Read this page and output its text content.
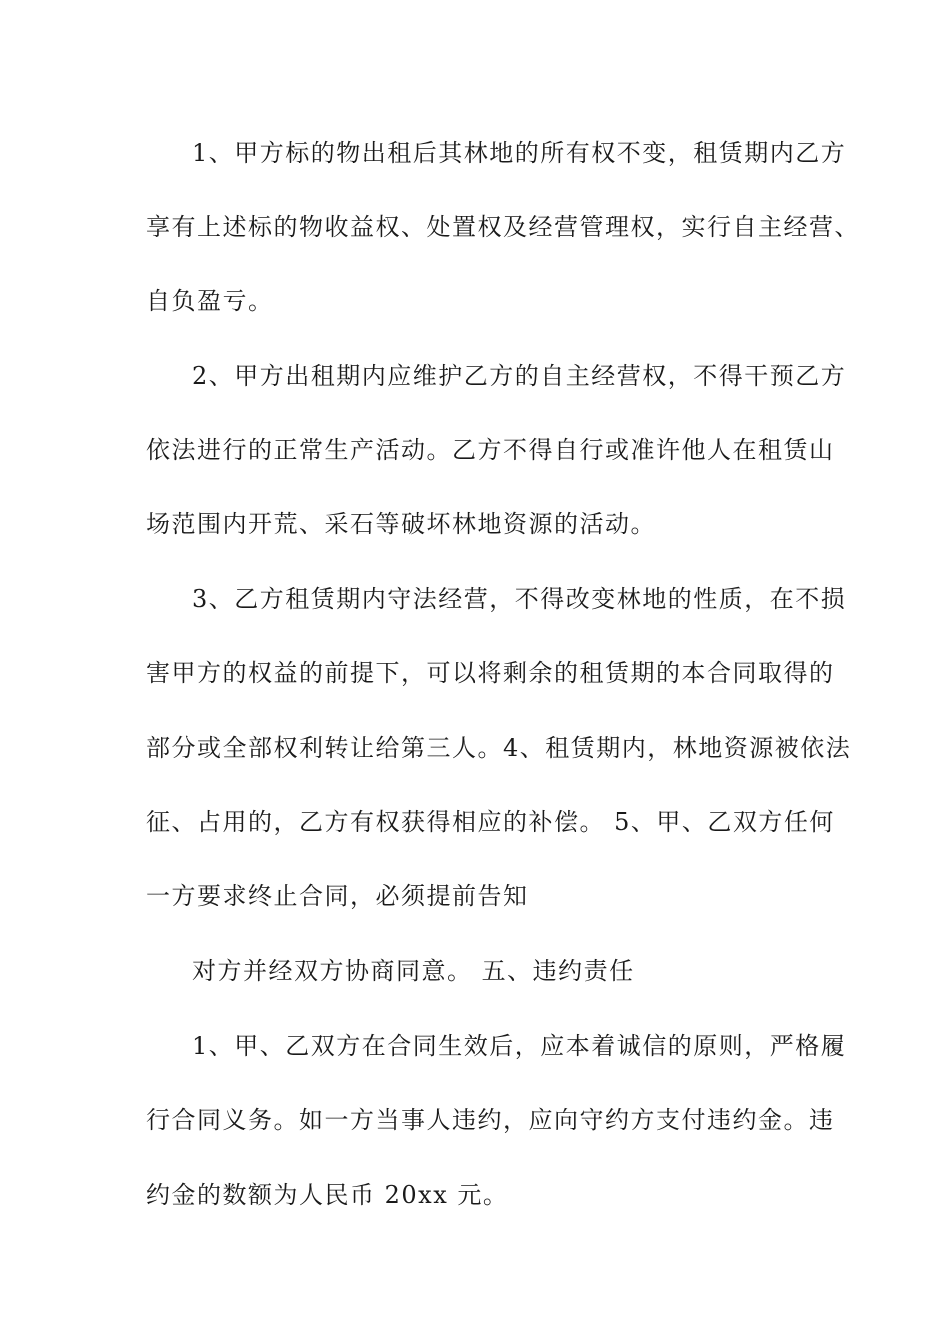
1、甲方标的物出租后其林地的所有权不变，租赁期内乙方
享有上述标的物收益权、处置权及经营管理权，实行自主经营、
自负盈亏。
2、甲方出租期内应维护乙方的自主经营权，不得干预乙方
依法进行的正常生产活动。乙方不得自行或准许他人在租赁山
场范围内开荒、采石等破坏林地资源的活动。
3、乙方租赁期内守法经营，不得改变林地的性质，在不损
害甲方的权益的前提下，可以将剩余的租赁期的本合同取得的
部分或全部权利转让给第三人。4、租赁期内，林地资源被依法
征、占用的，乙方有权获得相应的补偿。 5、甲、乙双方任何
一方要求终止合同，必须提前告知
对方并经双方协商同意。 五、违约责任
1、甲、乙双方在合同生效后，应本着诚信的原则，严格履
行合同义务。如一方当事人违约，应向守约方支付违约金。违
约金的数额为人民币 20xx 元。
